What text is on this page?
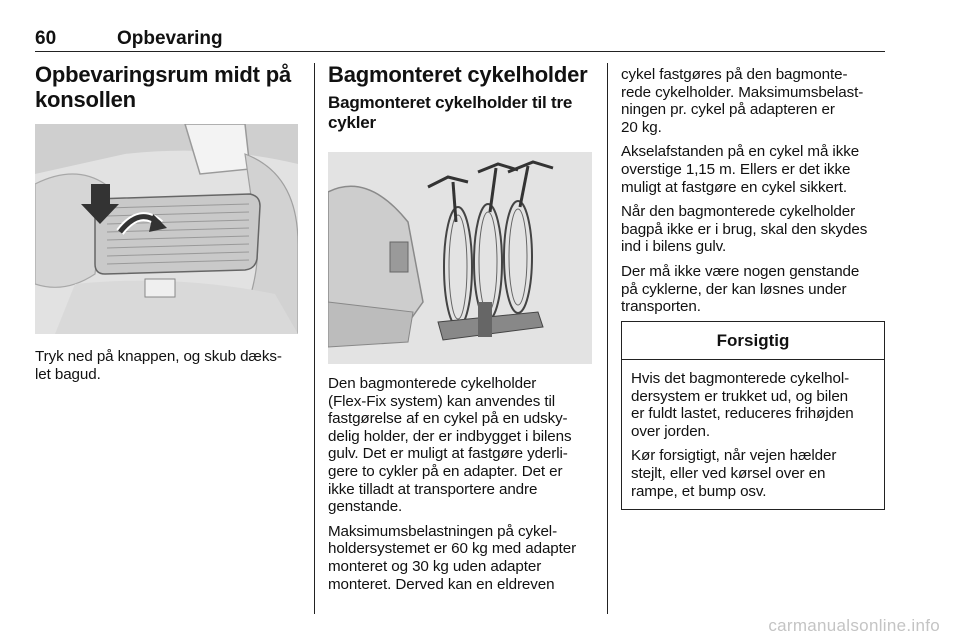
60	Opbevaring
Opbevaringsrum midt på
konsollen
Tryk ned på knappen, og skub dæks-
let bagud.
Bagmonteret cykelholder
Bagmonteret cykelholder til tre
cykler
Den bagmonterede cykelholder
(Flex-Fix system) kan anvendes til
fastgørelse af en cykel på en udsky-
delig holder, der er indbygget i bilens
gulv. Det er muligt at fastgøre yderli-
gere to cykler på en adapter. Det er
ikke tilladt at transportere andre
genstande.
Maksimumsbelastningen på cykel-
holdersystemet er 60 kg med adapter
monteret og 30 kg uden adapter
monteret. Derved kan en eldreven
cykel fastgøres på den bagmonte-
rede cykelholder. Maksimumsbelast-
ningen pr. cykel på adapteren er
20 kg.
Akselafstanden på en cykel må ikke
overstige 1,15 m. Ellers er det ikke
muligt at fastgøre en cykel sikkert.
Når den bagmonterede cykelholder
bagpå ikke er i brug, skal den skydes
ind i bilens gulv.
Der må ikke være nogen genstande
på cyklerne, der kan løsnes under
transporten.
Forsigtig
Hvis det bagmonterede cykelhol-
dersystem er trukket ud, og bilen
er fuldt lastet, reduceres frihøjden
over jorden.
Kør forsigtigt, når vejen hælder
stejlt, eller ved kørsel over en
rampe, et bump osv.
carmanualsonline.info
